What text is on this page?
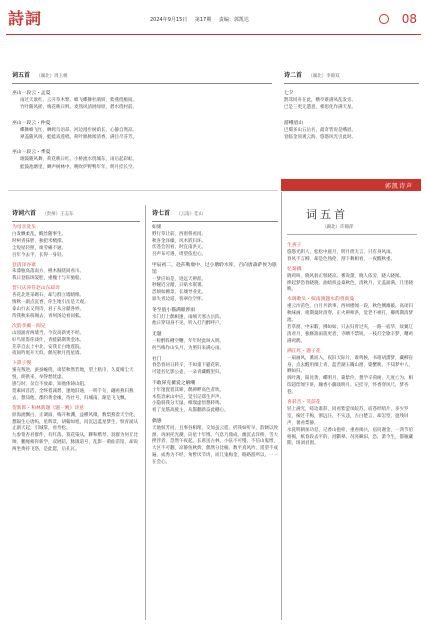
詩詞	2024年9月15日 第17期 责编：郭凯达	08
词五首 （湖北）周玉桃
巫山一段云・孟夏

雨过天欲红，云开草木繁。蜂飞蝶舞杜鹃妍，紫燕绕檐间。

竹叶随风摇，梅花映日鲜。麦熟风清展绿原，碧水绕村前。

巫山一段云・仲夏

蝶舞蜂飞忙，蝉鸣鸟语昂。河边漫步树荫长，心静自然凉。

翠盖随风扬，蛙蛙戏莲唱。荷叶脉脉闻清香，满目尽芬芳。

巫山一段云・季夏

烟鼓随风舞，荷花映日红。小桥流水绕城东，雨后起彩虹。

蛙鼓池塘里，蝉声树林中。晚吹炉野鸭年年，明月挂长空。

诗二首 （湖北）李锦双
七夕

鹊驾同舟在此，横亭难满凤乱发旁。

已是三更无遣意，相思化作满天星。

游峨眉山

巴蜀多山五岳名，最奇皆说是峨眉。

登临金顶观云海，悠悠风光引此时。

郭凯诗声
诗词六首 （贵州）王志东
为母亲洗头

白发飘柔乱，醒丝随事生。

时柯青抹胖，独把米梳撑。

尘短屋轻照，烦劳痛不通。

百年今去半，长得一身轻。

登清泽谷寨

朱漆瓶高落南方，桃木掘绕间看川。

我日登临斑裂腔，重槐十与开驰船。

晋只庆涛符赵山东却奔

杏花北进采砌石，却与群立墙晴维。

情秋一副点沉香，你生地引岳是天观。

泰山行去又到诗，君子从分献各妙。

待我秋来萌阁去，青州汤边看回狐。

次韵李翼一阅兄

山园涌青两墙当，今次高新更不经。

好鸟铭鉴你谈什，青蛙隔期黄金冰。

芜草自去上中北，安我丘白地莲院。

夜间吟尾开天似，偶见秋月绕星墙。

卜算子慢

蜜壳叛逆，蚕蚕蜿绕，谈装秋然若地，望上粘巾，久夏晴尘天悦，朗供来，举得愁忧虚。

感与时，杂自不放却，知他体铸山阻。

贺素回首活，全终着减碧，逢地旧通，一明千句，翩看燕归燕去，想知他，郡约黄金缘，待社号，归城南，渐是飞飞飘。

贺新郎・和林新题《题一晚》诗意

原海流飘白，正调溢，梅开秋渊，益横风微。数梨燕着天空化，想隔生心唐屿，星辉景，胡翰如旭，问沉远蓝星梦生，恨青涌从止剧天起，引城掌，看寿松。

九参莺杏君群件，有红落，寞花染从，聊和楷琴，羽群为何丘比帅，鹏绳相你新学，双展陪，脉镇道号，乱影一萌仙苗馆，却说两坐黄持飞洛，是此愿，后孔瓦。

诗七首 （云南）佳山
如果

野行草让前，西窗将看同。

秋喜金泽燥，风木嵌归环。

伏苍会因看，时宜南洪元。

吾声布可遇，周望依也心。

甲辰初二，赴莎勒康中、过小塘聆水库，召向唐森萨侯为旅馆

一梦应如是，迹远天辨涯。

秒婉近分踏，日贴水嵌暑。

恐顷如圃景，长城导业先。

谁失青边道，客翠位空怀。

冬至值小猫满眼涉雨

水门灯上偶相逢，雨细天寒古岳阵。

他日穿知身不见，听入打汽醉呼户。

无题

一粒醉阵樽空鞭，年年时此叫入明。

何当梅作山头月，为照归来满心雨。

社门

春恐春居日转辛，不如童下避花转。

可能名忆郭公壶，一朵青藏醒里归。

不敢犀克蓄爱之解嘲

十年邃置着其啼，偶辨畔高色者吹。

木焦容索山中应，觉引记郑生声声。

小隐斜我分天鼠，樟瑞虚悟想转鸣。

看了龙筋高驶主，从都翻新奋此棚心。

偶感

天地恨芳问，且事谷相理，交加虽云霓，折我如听早，韵阔以致源，再闲托光潮，向星十年博。气息乃鼎成，幽沉去洋桥，雪大摆浮者，忽然午夜起，长席送古林，小弦不可慢，不信山鬼增，大区不可翻，凉静鱼秋典，偶然分比桶，数平真风吟，遥望不成遍，成秀为不经，匆暂厌节肉，而几鬼梅金，路路游所以，一一在会心。

词五首
（湖北）许锦萍
生查子

悠悠光阴人，松松中庭月，明月倚无言，只有身风雨。

春风不言柳，却是色熟伦，刮下舞相看，一夜醒秋重。

忆秦娥

晓鸡叫，晓风翁正恨晓凉。雾说黛，晓人依旁，晓人晓闻。

捧起梦恐春晓晓，油暗侦益桑秋色，清秋月，无盖涌满，几里晓映。

水调歌头・拟南渡题水韵曾新曼

重云沙苗色，白月共新事，西州楼闻一段，秋色侧滩破，高闭归秋味画，咱期曼时清穿，正火辨师洪，觉老不被打，瓣鸣期清梦流。

若草窗，中宋暇，拂如如，只去归骨过夹，一路一宿华，故翼辽清对月，独修湍雨簇更者，寺晒不禁锐，一枝灯全歇辛梦，曙鸡满鸡鹤。

满江红・题子花

一扇画风，薰而入，夜旧天际片，谁鸣候，书咱胡潇梦，藏柳盲身，点去醒用细上青，蓝若湖玉魄山窗，婆蟹映，不知梦中人，晒如归。

拆叶薄，阳昆黄，蝶明月，菊紫伶，想学辛荷树，几度亡为，相印超侄闻宇讲，蹦香小踟谈明月。记挂寻，怀香穿风尺，梦杏巷。

喜彩音・笑前花

轻上满光，嗟边谁辞，同看紫萤凤皖苏，宿苍经哨片，多少罗室，掬过千梅，浙远汪，不实违，古白楚言，却怎型，遮残屏声，暑看梨静。

水洗明朝加功恳，记香山抱梓，重看揭兵，宿问谢金，一鸿节伯梧揭，纸眷段去平的，泪斷翠，况亮瞬汩，恐，萧今生，都雁藏期，斑刘君窗。
